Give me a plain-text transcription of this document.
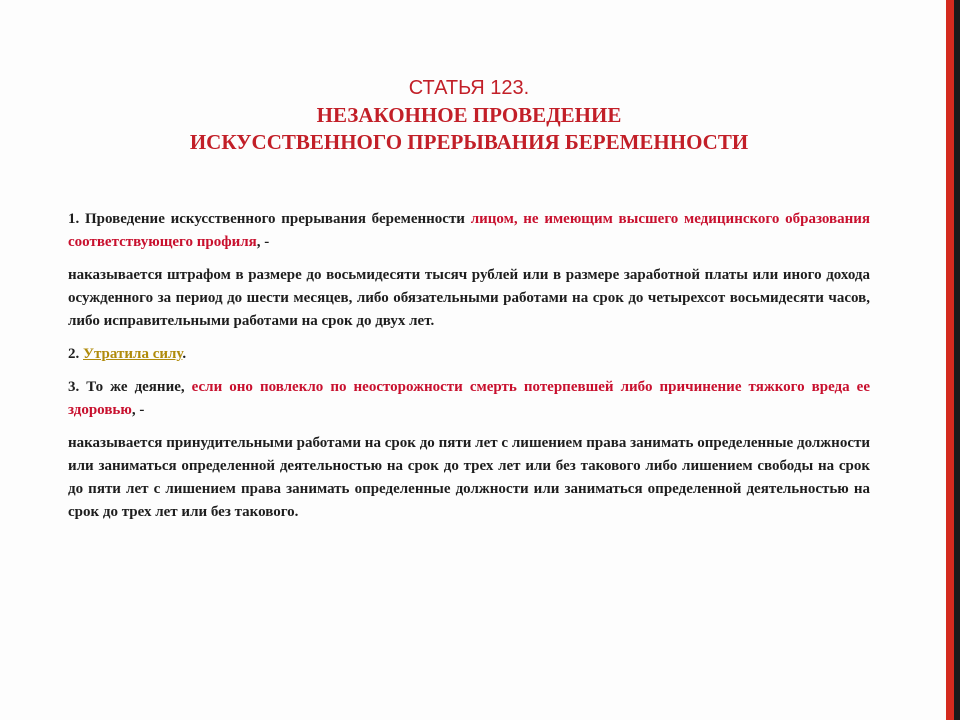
СТАТЬЯ 123.
НЕЗАКОННОЕ ПРОВЕДЕНИЕ
ИСКУССТВЕННОГО ПРЕРЫВАНИЯ БЕРЕМЕННОСТИ

1. Проведение искусственного прерывания беременности лицом, не имеющим высшего медицинского образования соответствующего профиля, -

наказывается штрафом в размере до восьмидесяти тысяч рублей или в размере заработной платы или иного дохода осужденного за период до шести месяцев, либо обязательными работами на срок до четырехсот восьмидесяти часов, либо исправительными работами на срок до двух лет.

2. Утратила силу.

3. То же деяние, если оно повлекло по неосторожности смерть потерпевшей либо причинение тяжкого вреда ее здоровью, -

наказывается принудительными работами на срок до пяти лет с лишением права занимать определенные должности или заниматься определенной деятельностью на срок до трех лет или без такового либо лишением свободы на срок до пяти лет с лишением права занимать определенные должности или заниматься определенной деятельностью на срок до трех лет или без такового.
